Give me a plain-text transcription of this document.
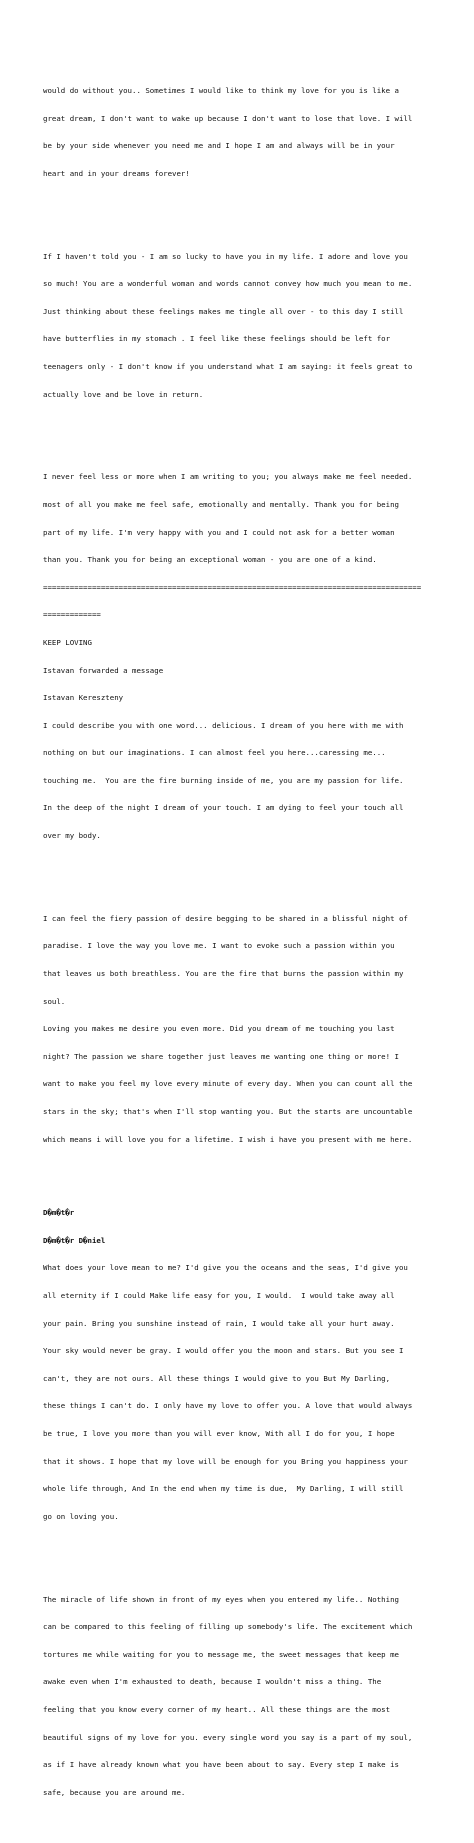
would do without you.. Sometimes I would like to think my love for you is like a

great dream, I don't want to wake up because I don't want to lose that love. I will

be by your side whenever you need me and I hope I am and always will be in your

heart and in your dreams forever!

If I haven't told you - I am so lucky to have you in my life. I adore and love you

so much! You are a wonderful woman and words cannot convey how much you mean to me.

Just thinking about these feelings makes me tingle all over - to this day I still

have butterflies in my stomach . I feel like these feelings should be left for

teenagers only - I don't know if you understand what I am saying: it feels great to

actually love and be love in return.

I never feel less or more when I am writing to you; you always make me feel needed.

most of all you make me feel safe, emotionally and mentally. Thank you for being

part of my life. I'm very happy with you and I could not ask for a better woman

than you. Thank you for being an exceptional woman - you are one of a kind.

=====================================================================================

=============

KEEP LOVING

Istavan forwarded a message

Istavan Kereszteny

I could describe you with one word... delicious. I dream of you here with me with

nothing on but our imaginations. I can almost feel you here...caressing me...

touching me.  You are the fire burning inside of me, you are my passion for life.

In the deep of the night I dream of your touch. I am dying to feel your touch all

over my body.

I can feel the fiery passion of desire begging to be shared in a blissful night of

paradise. I love the way you love me. I want to evoke such a passion within you

that leaves us both breathless. You are the fire that burns the passion within my

soul.

Loving you makes me desire you even more. Did you dream of me touching you last

night? The passion we share together just leaves me wanting one thing or more! I

want to make you feel my love every minute of every day. When you can count all the

stars in the sky; that's when I'll stop wanting you. But the starts are uncountable

which means i will love you for a lifetime. I wish i have you present with me here.

D�m�t�r

D�m�t�r D�niel

What does your love mean to me? I'd give you the oceans and the seas, I'd give you

all eternity if I could Make life easy for you, I would.  I would take away all

your pain. Bring you sunshine instead of rain, I would take all your hurt away.

Your sky would never be gray. I would offer you the moon and stars. But you see I

can't, they are not ours. All these things I would give to you But My Darling,

these things I can't do. I only have my love to offer you. A love that would always

be true, I love you more than you will ever know, With all I do for you, I hope

that it shows. I hope that my love will be enough for you Bring you happiness your

whole life through, And In the end when my time is due,  My Darling, I will still

go on loving you.

The miracle of life shown in front of my eyes when you entered my life.. Nothing

can be compared to this feeling of filling up somebody's life. The excitement which

tortures me while waiting for you to message me, the sweet messages that keep me

awake even when I'm exhausted to death, because I wouldn't miss a thing. The

feeling that you know every corner of my heart.. All these things are the most

beautiful signs of my love for you. every single word you say is a part of my soul,

as if I have already known what you have been about to say. Every step I make is

safe, because you are around me.
